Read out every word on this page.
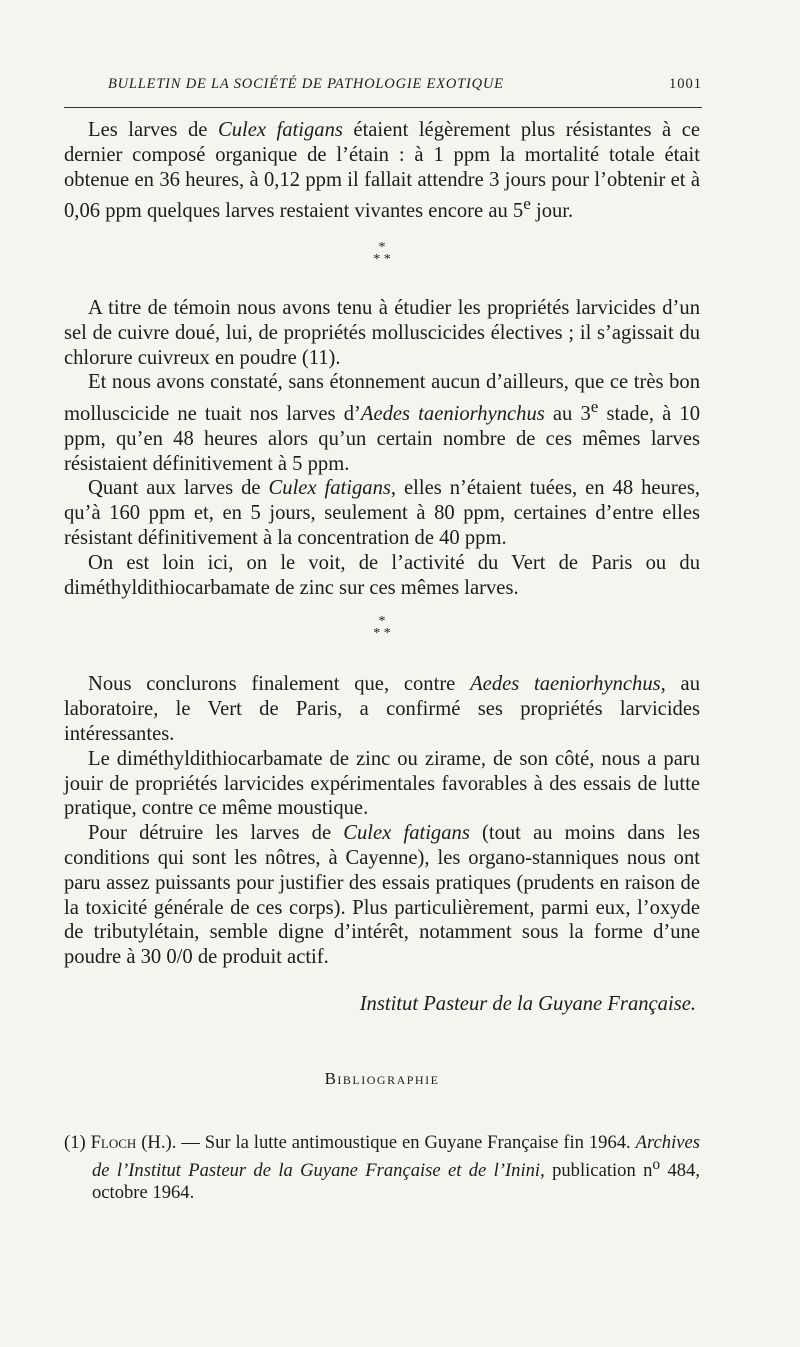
BULLETIN DE LA SOCIÉTÉ DE PATHOLOGIE EXOTIQUE	1001

Les larves de Culex fatigans étaient légèrement plus résistantes à ce dernier composé organique de l’étain : à 1 ppm la mortalité totale était obtenue en 36 heures, à 0,12 ppm il fallait attendre 3 jours pour l’obtenir et à 0,06 ppm quelques larves restaient vivantes encore au 5e jour.

*
* *

A titre de témoin nous avons tenu à étudier les propriétés larvicides d’un sel de cuivre doué, lui, de propriétés molluscicides électives ; il s’agissait du chlorure cuivreux en poudre (11).

Et nous avons constaté, sans étonnement aucun d’ailleurs, que ce très bon molluscicide ne tuait nos larves d’Aedes taeniorhynchus au 3e stade, à 10 ppm, qu’en 48 heures alors qu’un certain nombre de ces mêmes larves résistaient définitivement à 5 ppm.

Quant aux larves de Culex fatigans, elles n’étaient tuées, en 48 heures, qu’à 160 ppm et, en 5 jours, seulement à 80 ppm, certaines d’entre elles résistant définitivement à la concentration de 40 ppm.

On est loin ici, on le voit, de l’activité du Vert de Paris ou du diméthyldithiocarbamate de zinc sur ces mêmes larves.

*
* *

Nous conclurons finalement que, contre Aedes taeniorhynchus, au laboratoire, le Vert de Paris, a confirmé ses propriétés larvicides intéressantes.

Le diméthyldithiocarbamate de zinc ou zirame, de son côté, nous a paru jouir de propriétés larvicides expérimentales favorables à des essais de lutte pratique, contre ce même moustique.

Pour détruire les larves de Culex fatigans (tout au moins dans les conditions qui sont les nôtres, à Cayenne), les organo-stanniques nous ont paru assez puissants pour justifier des essais pratiques (prudents en raison de la toxicité générale de ces corps). Plus particulièrement, parmi eux, l’oxyde de tributylétain, semble digne d’intérêt, notamment sous la forme d’une poudre à 30 0/0 de produit actif.

Institut Pasteur de la Guyane Française.
Bibliographie
(1) Floch (H.). — Sur la lutte antimoustique en Guyane Française fin 1964. Archives de l’Institut Pasteur de la Guyane Française et de l’Inini, publication $n^o$ 484, octobre 1964.
